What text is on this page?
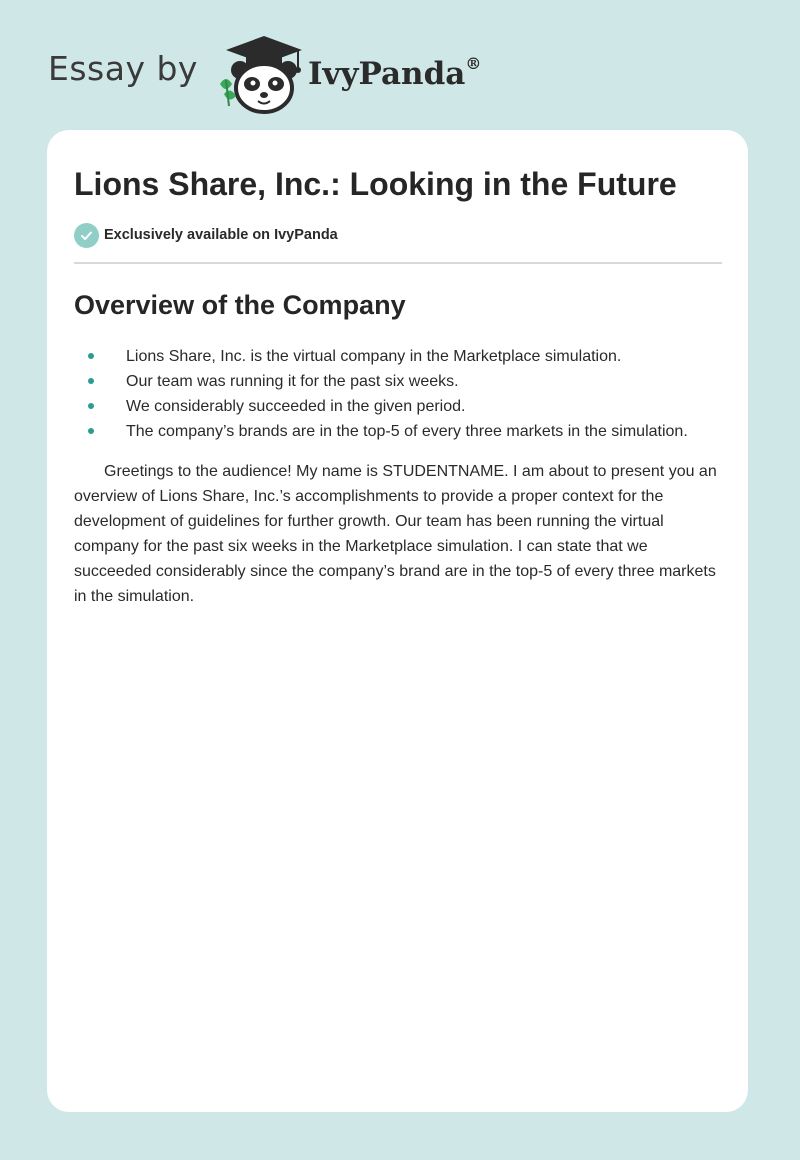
Essay by	IvyPanda®
Lions Share, Inc.: Looking in the Future
Exclusively available on IvyPanda
Overview of the Company
Lions Share, Inc. is the virtual company in the Marketplace simulation.
Our team was running it for the past six weeks.
We considerably succeeded in the given period.
The company’s brands are in the top-5 of every three markets in the simulation.

Greetings to the audience! My name is STUDENTNAME. I am about to present you an overview of Lions Share, Inc.’s accomplishments to provide a proper context for the development of guidelines for further growth. Our team has been running the virtual company for the past six weeks in the Marketplace simulation. I can state that we succeeded considerably since the company’s brand are in the top-5 of every three markets in the simulation.
